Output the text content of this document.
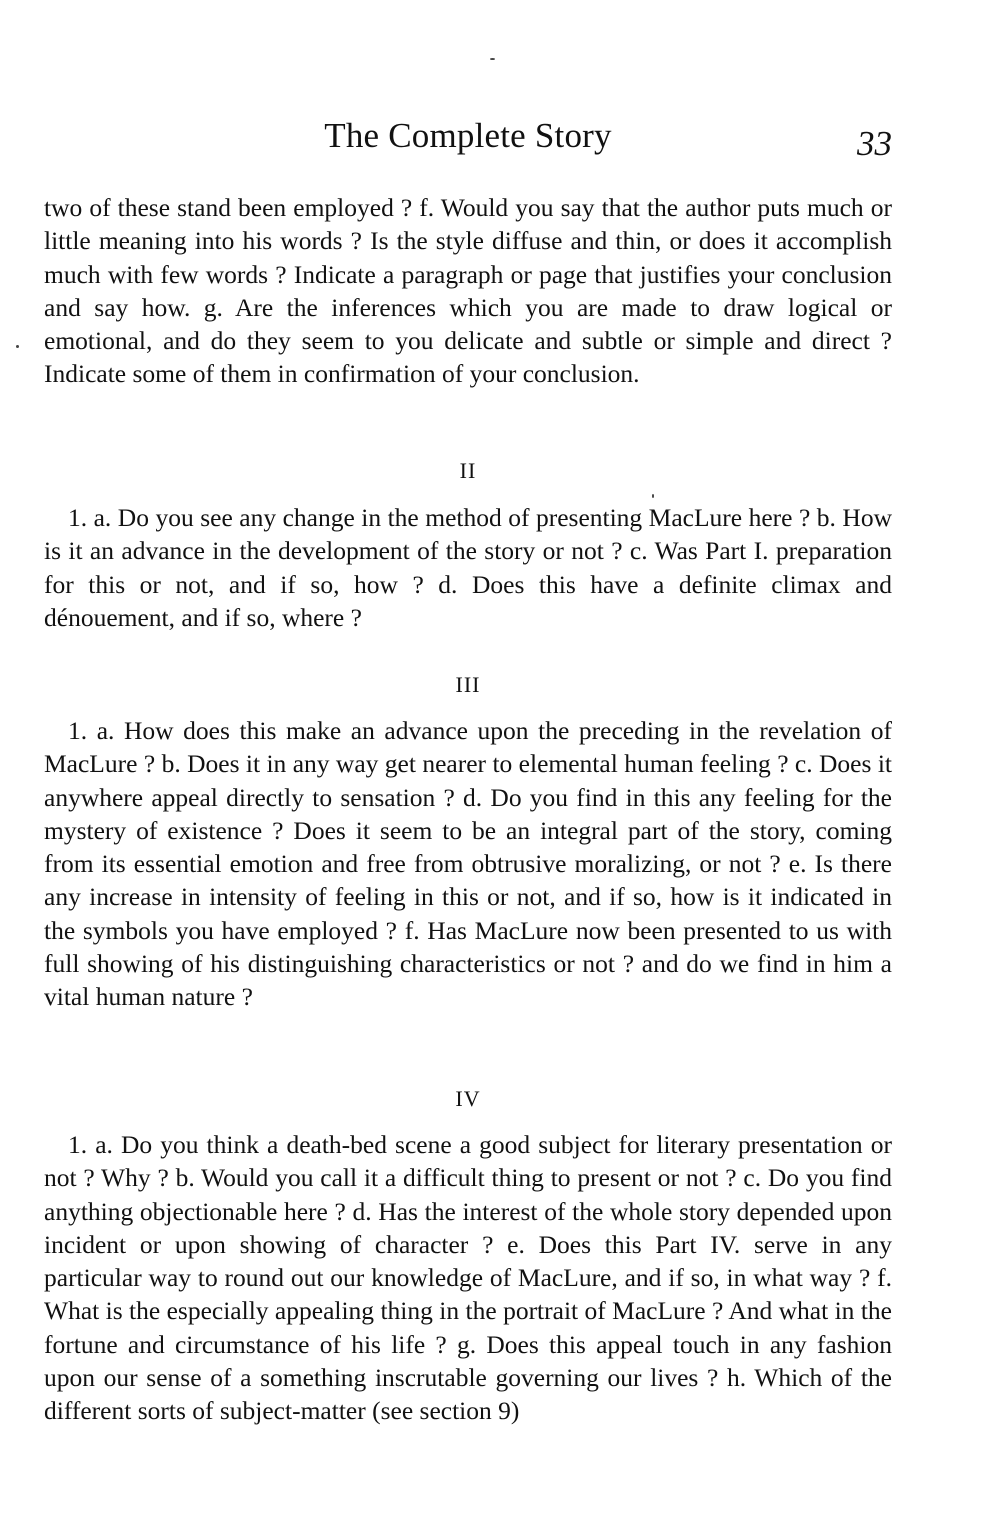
The Complete Story	33

two of these stand been employed ? f. Would you say that the author puts much or little meaning into his words ? Is the style diffuse and thin, or does it accomplish much with few words ? Indicate a paragraph or page that justifies your conclusion and say how. g. Are the inferences which you are made to draw logical or emotional, and do they seem to you delicate and subtle or simple and direct ? Indicate some of them in confirmation of your conclusion.

II

1. a. Do you see any change in the method of presenting MacLure here ? b. How is it an advance in the development of the story or not ? c. Was Part I. preparation for this or not, and if so, how ? d. Does this have a definite climax and dénouement, and if so, where ?

III

1. a. How does this make an advance upon the preceding in the revelation of MacLure ? b. Does it in any way get nearer to elemental human feeling ? c. Does it anywhere appeal directly to sensation ? d. Do you find in this any feeling for the mystery of existence ? Does it seem to be an integral part of the story, coming from its essential emotion and free from obtrusive moralizing, or not ? e. Is there any increase in intensity of feeling in this or not, and if so, how is it indicated in the symbols you have employed ? f. Has MacLure now been presented to us with full showing of his distinguishing characteristics or not ? and do we find in him a vital human nature ?

IV

1. a. Do you think a death-bed scene a good subject for literary presentation or not ? Why ? b. Would you call it a difficult thing to present or not ? c. Do you find anything objectionable here ? d. Has the interest of the whole story depended upon incident or upon showing of character ? e. Does this Part IV. serve in any particular way to round out our knowledge of MacLure, and if so, in what way ? f. What is the especially appealing thing in the portrait of MacLure ? And what in the fortune and circumstance of his life ? g. Does this appeal touch in any fashion upon our sense of a something inscrutable governing our lives ? h. Which of the different sorts of subject-matter (see section 9)
